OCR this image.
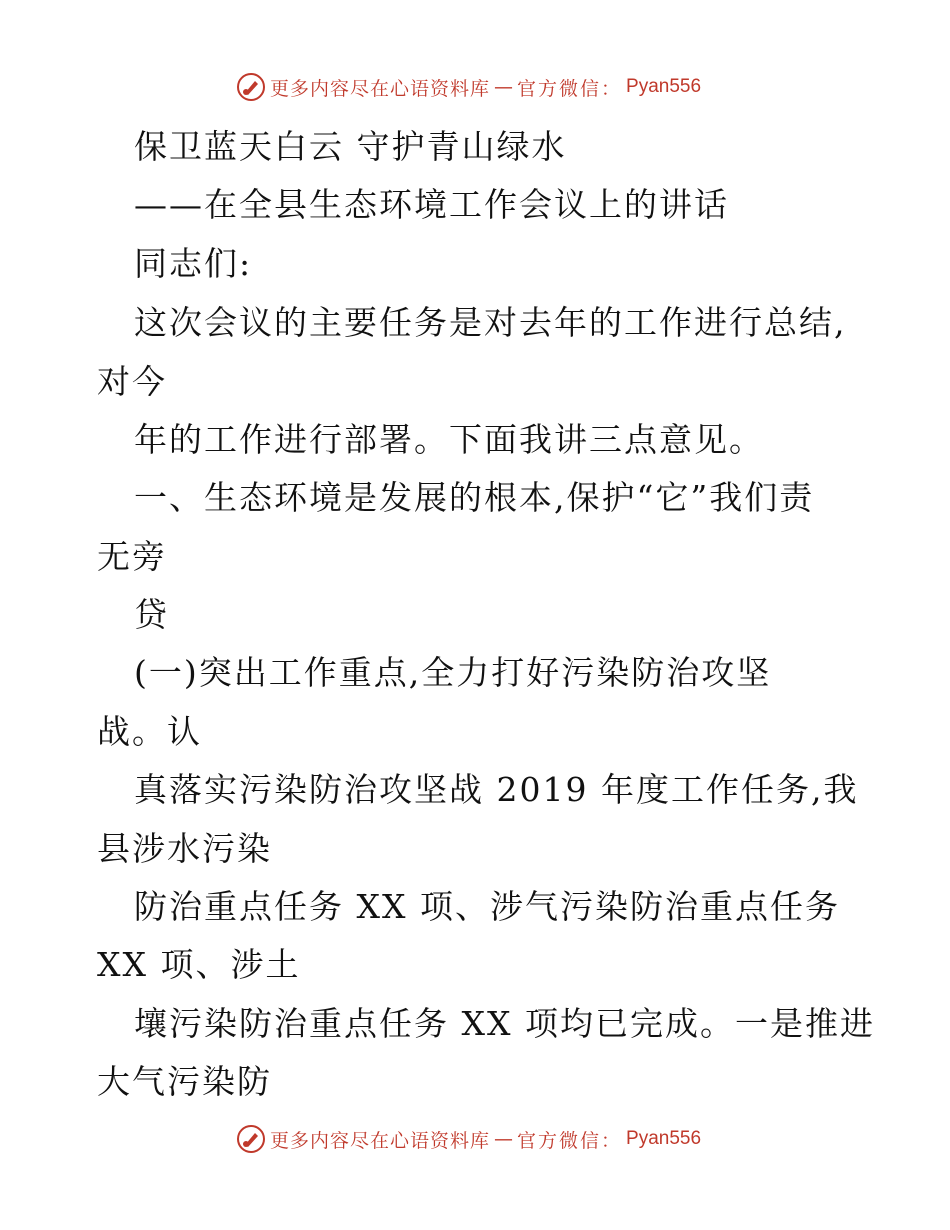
更多内容尽在心语资料库 — 官方微信： Pyan556
保卫蓝天白云 守护青山绿水
——在全县生态环境工作会议上的讲话
同志们:
这次会议的主要任务是对去年的工作进行总结,
对今
年的工作进行部署。下面我讲三点意见。
一、生态环境是发展的根本,保护“它”我们责
无旁
贷
(一)突出工作重点,全力打好污染防治攻坚
战。认
真落实污染防治攻坚战 2019 年度工作任务,我
县涉水污染
防治重点任务 XX 项、涉气污染防治重点任务
XX 项、涉土
壤污染防治重点任务 XX 项均已完成。一是推进
大气污染防
更多内容尽在心语资料库 — 官方微信： Pyan556
